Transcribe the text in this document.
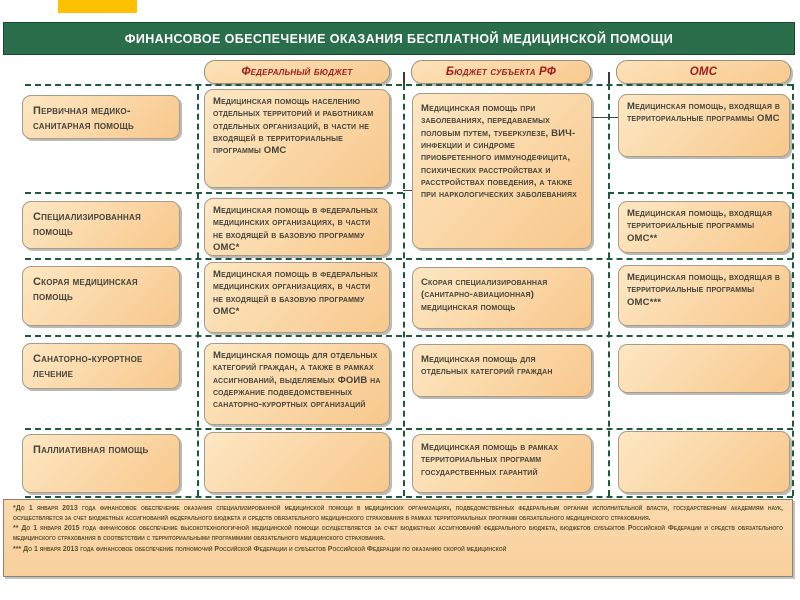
ФИНАНСОВОЕ ОБЕСПЕЧЕНИЕ ОКАЗАНИЯ БЕСПЛАТНОЙ МЕДИЦИНСКОЙ ПОМОЩИ
Федеральный бюджет	Бюджет субъекта РФ	ОМС
Первичная медико-санитарная помощь
Специализированная помощь
Скорая медицинская помощь
Санаторно-курортное лечение
Паллиативная помощь
Медицинская помощь населению отдельных территорий и работникам отдельных организаций, в части не входящей в территориальные программы ОМС
Медицинская помощь в федеральных медицинских организациях, в части не входящей в базовую программу ОМС*
Медицинская помощь в федеральных медицинских организациях, в части не входящей в базовую программу ОМС*
Медицинская помощь для отдельных категорий граждан, а также в рамках ассигнований, выделяемых ФОИВ на содержание подведомственных санаторно-курортных организаций
Медицинская помощь при заболеваниях, передаваемых половым путем, туберкулезе, ВИЧ-инфекции и синдроме приобретенного иммунодефицита, психических расстройствах и расстройствах поведения, а также при наркологических заболеваниях
Скорая специализированная (санитарно-авиационная) медицинская помощь
Медицинская помощь для отдельных категорий граждан
Медицинская помощь в рамках территориальных программ государственных гарантий
Медицинская помощь, входящая в территориальные программы ОМС
Медицинская помощь, входящая территориальные программы ОМС**
Медицинская помощь, входящая в территориальные программы ОМС***

*До 1 января 2013 года финансовое обеспечение оказания специализированной медицинской помощи в медицинских организациях, подведомственных федеральным органам исполнительной власти, государственным академиям наук, осуществляется за счет бюджетных ассигнований федерального бюджета и средств обязательного медицинского страхования в рамках территориальных программ обязательного медицинского страхования.

** До 1 января 2015 года финансовое обеспечение высокотехнологичной медицинской помощи осуществляется за счет бюджетных ассигнований федерального бюджета, бюджетов субъектов Российской Федерации и средств обязательного медицинского страхования в соответствии с территориальными программами обязательного медицинского страхования.

*** До 1 января 2013 года финансовое обеспечение полномочий Российской Федерации и субъектов Российской Федерации по оказанию скорой медицинской
